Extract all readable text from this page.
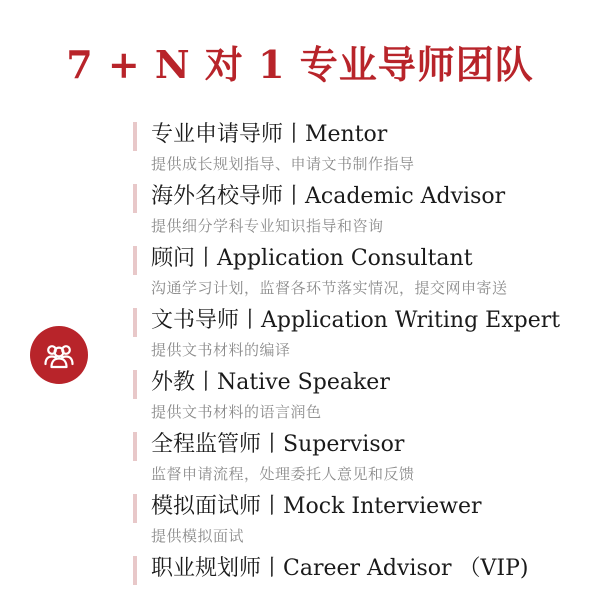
7 + N 对 1 专业导师团队
专业申请导师丨Mentor
提供成长规划指导、申请文书制作指导
海外名校导师丨Academic Advisor
提供细分学科专业知识指导和咨询
顾问丨Application Consultant
沟通学习计划，监督各环节落实情况，提交网申寄送
文书导师丨Application Writing Expert
提供文书材料的编译
外教丨Native Speaker
提供文书材料的语言润色
全程监管师丨Supervisor
监督申请流程，处理委托人意见和反馈
模拟面试师丨Mock Interviewer
提供模拟面试
职业规划师丨Career Advisor （VIP)
